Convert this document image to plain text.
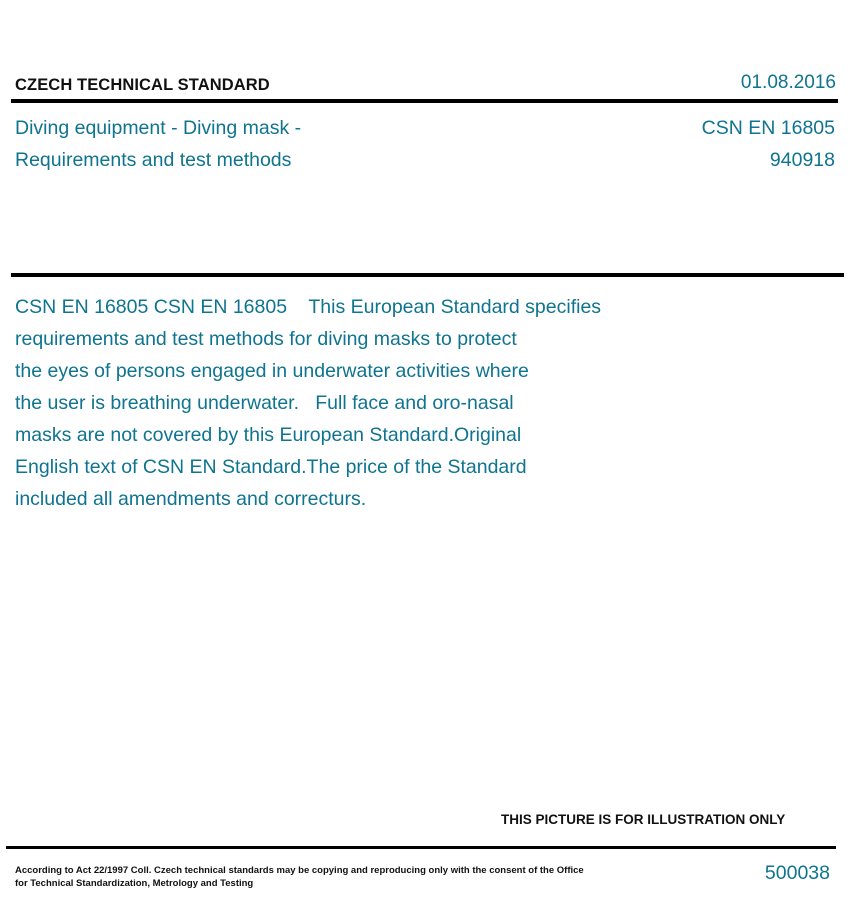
CZECH TECHNICAL STANDARD	01.08.2016
Diving equipment - Diving mask -
Requirements and test methods
CSN EN 16805
940918
CSN EN 16805 CSN EN 16805    This European Standard specifies
requirements and test methods for diving masks to protect
the eyes of persons engaged in underwater activities where
the user is breathing underwater.   Full face and oro-nasal
masks are not covered by this European Standard.Original
English text of CSN EN Standard.The price of the Standard
included all amendments and correcturs.
THIS PICTURE IS FOR ILLUSTRATION ONLY
According to Act 22/1997 Coll. Czech technical standards may be copying and reproducing only with the consent of the Office
for Technical Standardization, Metrology and Testing	500038
